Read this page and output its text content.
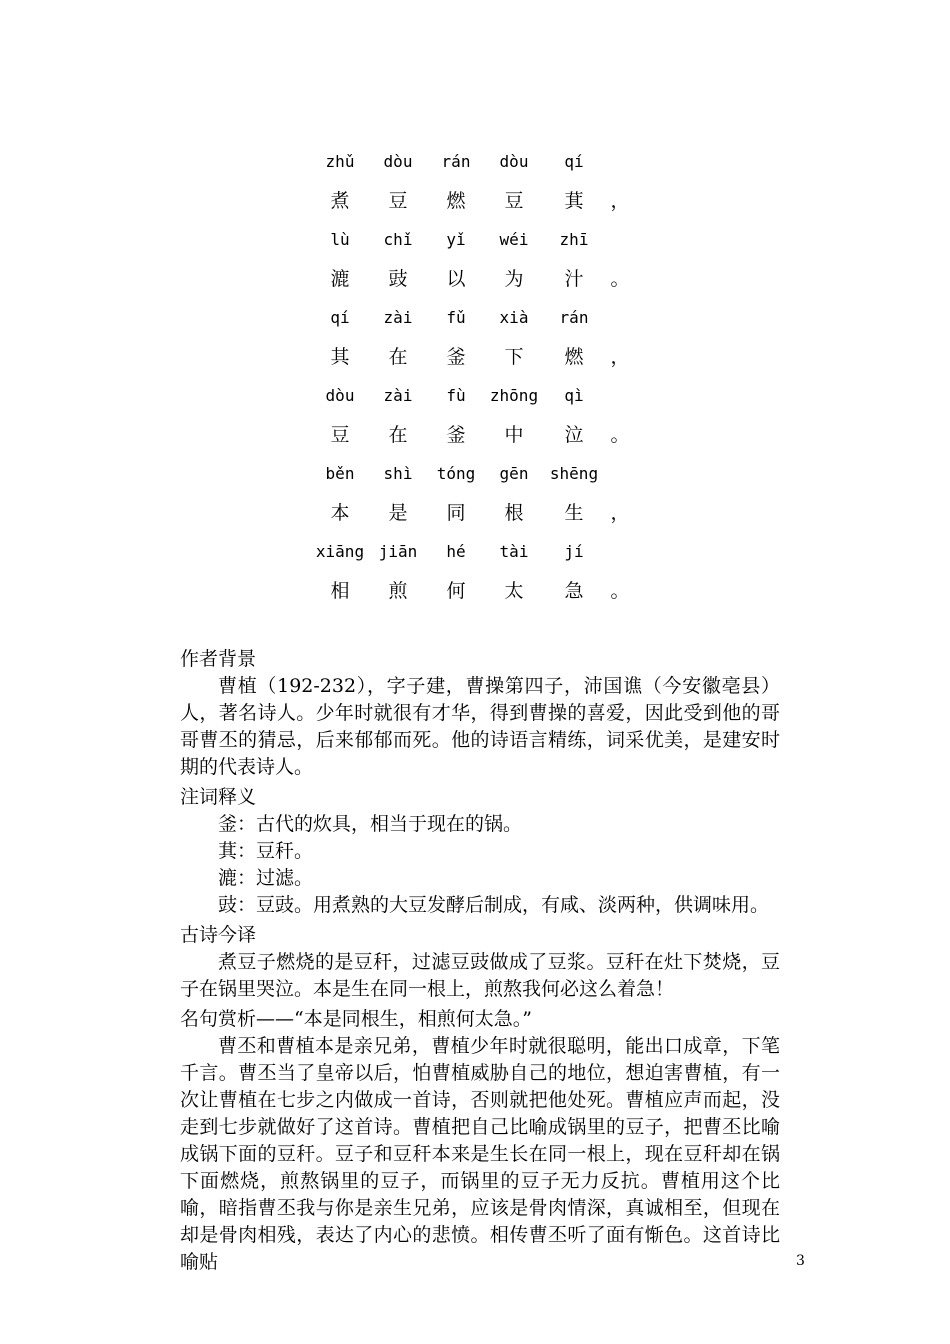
zhǔ	dòu	rán	dòu	qí
煮	豆	燃	豆	萁	，
lù	chǐ	yǐ	wéi	zhī
漉	豉	以	为	汁	。
qí	zài	fǔ	xià	rán
其	在	釜	下	燃	，
dòu	zài	fù	zhōng	qì
豆	在	釜	中	泣	。
běn	shì	tóng	gēn	shēng
本	是	同	根	生	，
xiāng jiān	hé	tài	jí
相	煎	何	太	急	。

作者背景

曹植（192-232），字子建，曹操第四子，沛国谯（今安徽亳县）人，著名诗人。少年时就很有才华，得到曹操的喜爱，因此受到他的哥哥曹丕的猜忌，后来郁郁而死。他的诗语言精练，词采优美，是建安时期的代表诗人。

注词释义

釜：古代的炊具，相当于现在的锅。

萁：豆秆。

漉：过滤。

豉：豆豉。用煮熟的大豆发酵后制成，有咸、淡两种，供调味用。

古诗今译

煮豆子燃烧的是豆秆，过滤豆豉做成了豆浆。豆秆在灶下焚烧，豆子在锅里哭泣。本是生在同一根上，煎熬我何必这么着急！

名句赏析——“本是同根生，相煎何太急。”

曹丕和曹植本是亲兄弟，曹植少年时就很聪明，能出口成章，下笔千言。曹丕当了皇帝以后，怕曹植威胁自己的地位，想迫害曹植，有一次让曹植在七步之内做成一首诗，否则就把他处死。曹植应声而起，没走到七步就做好了这首诗。曹植把自己比喻成锅里的豆子，把曹丕比喻成锅下面的豆秆。豆子和豆秆本来是生长在同一根上，现在豆秆却在锅下面燃烧，煎熬锅里的豆子，而锅里的豆子无力反抗。曹植用这个比喻，暗指曹丕我与你是亲生兄弟，应该是骨肉情深，真诚相至，但现在却是骨肉相残，表达了内心的悲愤。相传曹丕听了面有惭色。这首诗比喻贴	3
